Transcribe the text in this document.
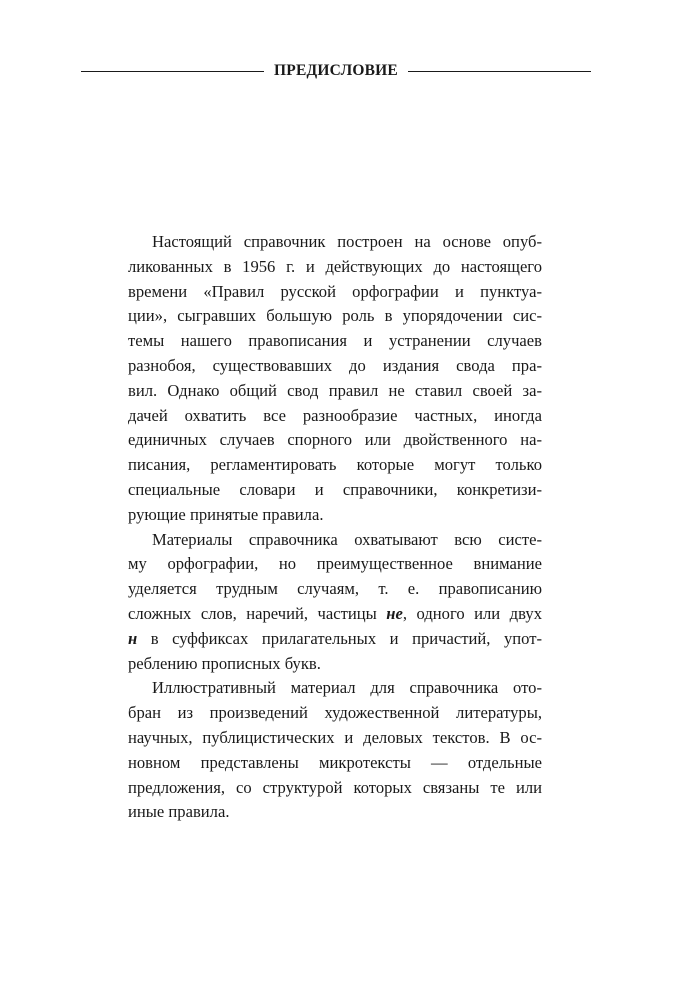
ПРЕДИСЛОВИЕ
Настоящий справочник построен на основе опуб-
ликованных в 1956 г. и действующих до настоящего
времени «Правил русской орфографии и пунктуа-
ции», сыгравших большую роль в упорядочении сис-
темы нашего правописания и устранении случаев
разнобоя, существовавших до издания свода пра-
вил. Однако общий свод правил не ставил своей за-
дачей охватить все разнообразие частных, иногда
единичных случаев спорного или двойственного на-
писания, регламентировать которые могут только
специальные словари и справочники, конкретизи-
рующие принятые правила.
Материалы справочника охватывают всю систе-
му орфографии, но преимущественное внимание
уделяется трудным случаям, т. е. правописанию
сложных слов, наречий, частицы не, одного или двух
н в суффиксах прилагательных и причастий, упот-
реблению прописных букв.
Иллюстративный материал для справочника ото-
бран из произведений художественной литературы,
научных, публицистических и деловых текстов. В ос-
новном представлены микротексты — отдельные
предложения, со структурой которых связаны те или
иные правила.
